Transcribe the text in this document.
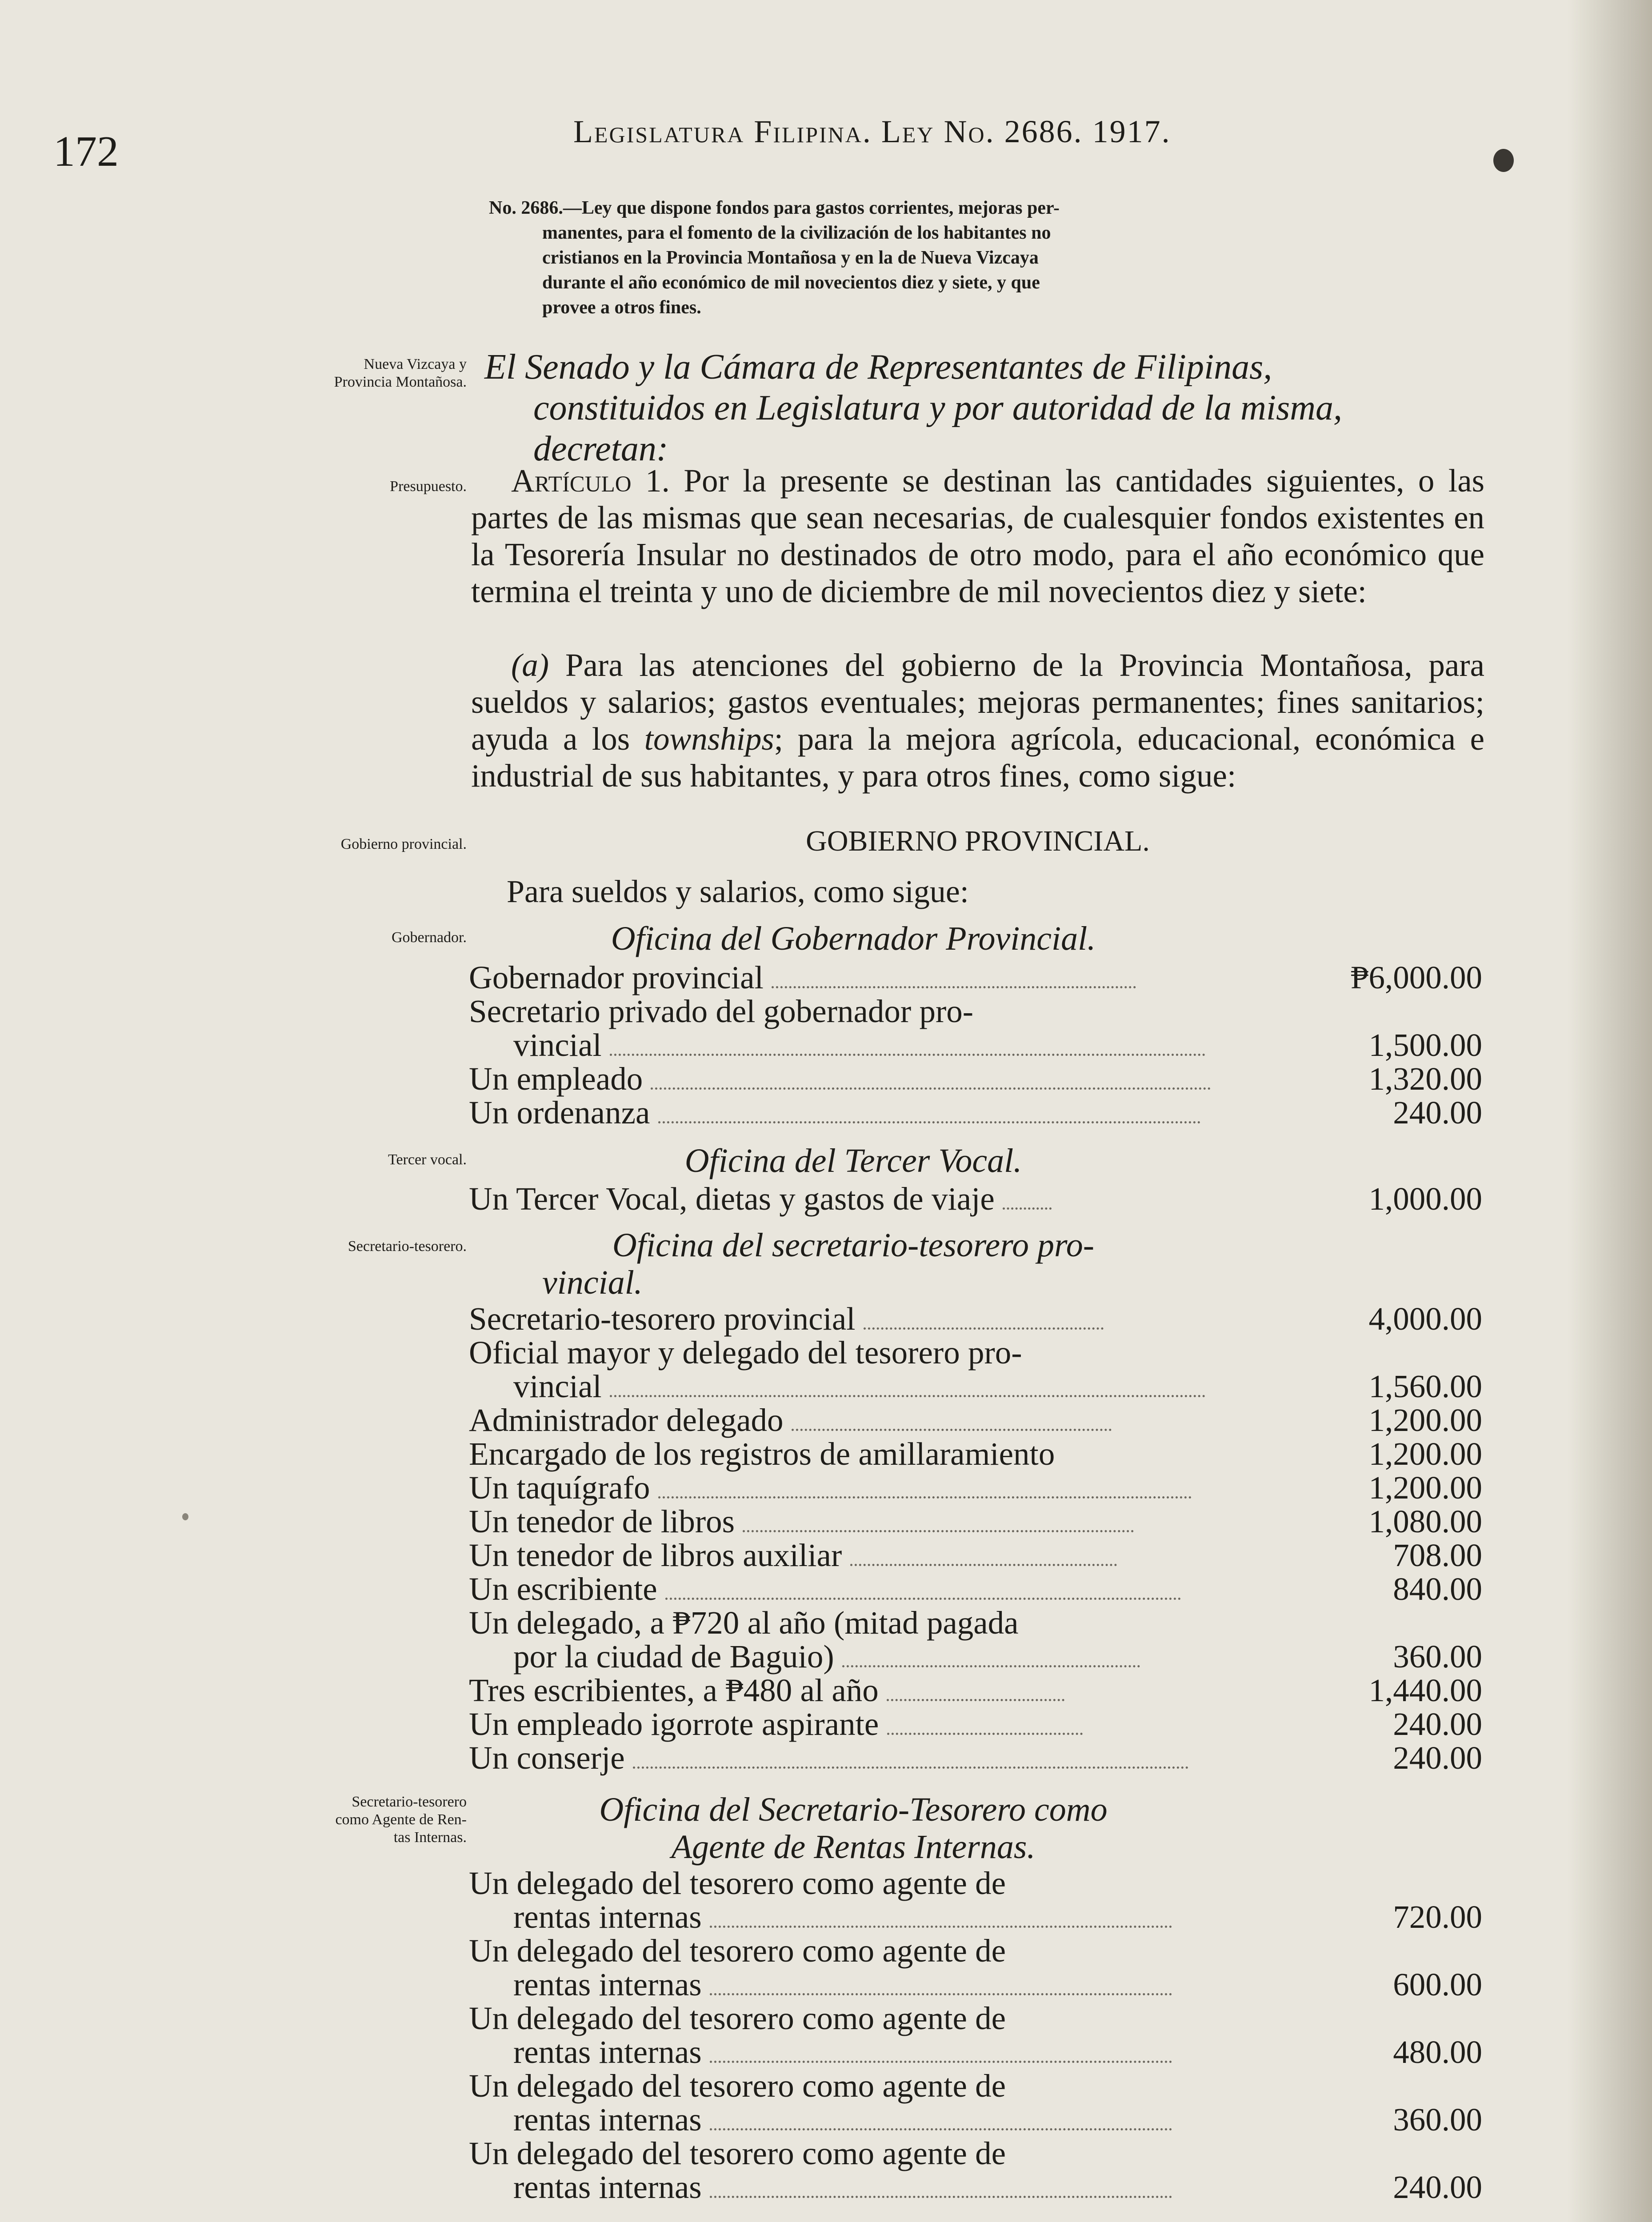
172	Legislatura Filipina. Ley No. 2686. 1917.
No. 2686.—Ley que dispone fondos para gastos corrientes, mejoras per-
manentes, para el fomento de la civilización de los habitantes no
cristianos en la Provincia Montañosa y en la de Nueva Vizcaya
durante el año económico de mil novecientos diez y siete, y que
provee a otros fines.
Nueva Vizcaya y
Provincia Montañosa. El Senado y la Cámara de Representantes de Filipinas,
constituidos en Legislatura y por autoridad de la misma,
decretan:
Presupuesto.	Artículo 1. Por la presente se destinan las cantidades siguientes, o las partes de las mismas que sean necesarias, de cualesquier fondos existentes en la Tesorería Insular no destinados de otro modo, para el año económico que termina el treinta y uno de diciembre de mil novecientos diez y siete:
(a) Para las atenciones del gobierno de la Provincia Montañosa, para sueldos y salarios; gastos eventuales; mejoras permanentes; fines sanitarios; ayuda a los townships; para la mejora agrícola, educacional, económica e industrial de sus habitantes, y para otros fines, como sigue:
Gobierno provincial.	GOBIERNO PROVINCIAL.
Para sueldos y salarios, como sigue:
Gobernador.	Oficina del Gobernador Provincial.
Gobernador provincial	₱6,000.00
Secretario privado del gobernador pro-
vincial	1,500.00
Un empleado	1,320.00
Un ordenanza	240.00
Tercer vocal.	Oficina del Tercer Vocal.
Un Tercer Vocal, dietas y gastos de viaje	1,000.00
Secretario-tesorero.	Oficina del secretario-tesorero pro-
vincial.
Secretario-tesorero provincial	4,000.00
Oficial mayor y delegado del tesorero pro-
vincial	1,560.00
Administrador delegado	1,200.00
Encargado de los registros de amillaramiento	1,200.00
Un taquígrafo	1,200.00
Un tenedor de libros	1,080.00
Un tenedor de libros auxiliar	708.00
Un escribiente	840.00
Un delegado, a ₱720 al año (mitad pagada
por la ciudad de Baguio)	360.00
Tres escribientes, a ₱480 al año	1,440.00
Un empleado igorrote aspirante	240.00
Un conserje	240.00
Secretario-tesorero
como Agente de Ren-
tas Internas.
Oficina del Secretario-Tesorero como
Agente de Rentas Internas.
Un delegado del tesorero como agente de
rentas internas	720.00
Un delegado del tesorero como agente de
rentas internas	600.00
Un delegado del tesorero como agente de
rentas internas	480.00
Un delegado del tesorero como agente de
rentas internas	360.00
Un delegado del tesorero como agente de
rentas internas	240.00
